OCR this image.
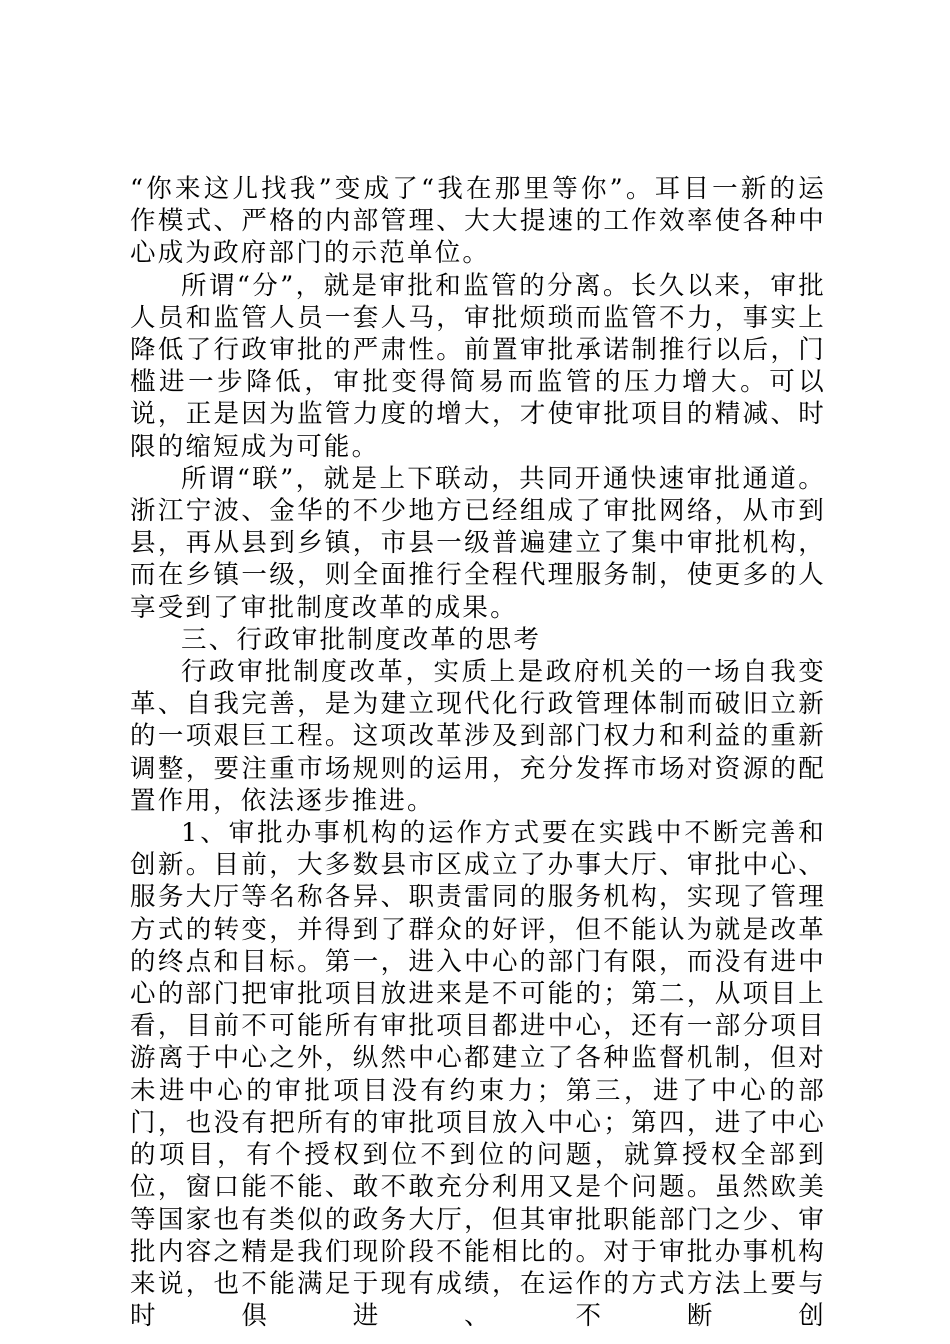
“你来这儿找我”变成了“我在那里等你”。耳目一新的运作模式、严格的内部管理、大大提速的工作效率使各种中心成为政府部门的示范单位。

所谓“分”，就是审批和监管的分离。长久以来，审批人员和监管人员一套人马，审批烦琐而监管不力，事实上降低了行政审批的严肃性。前置审批承诺制推行以后，门槛进一步降低，审批变得简易而监管的压力增大。可以说，正是因为监管力度的增大，才使审批项目的精减、时限的缩短成为可能。

所谓“联”，就是上下联动，共同开通快速审批通道。浙江宁波、金华的不少地方已经组成了审批网络，从市到县，再从县到乡镇，市县一级普遍建立了集中审批机构，而在乡镇一级，则全面推行全程代理服务制，使更多的人享受到了审批制度改革的成果。

三、行政审批制度改革的思考

行政审批制度改革，实质上是政府机关的一场自我变革、自我完善，是为建立现代化行政管理体制而破旧立新的一项艰巨工程。这项改革涉及到部门权力和利益的重新调整，要注重市场规则的运用，充分发挥市场对资源的配置作用，依法逐步推进。

1、审批办事机构的运作方式要在实践中不断完善和创新。目前，大多数县市区成立了办事大厅、审批中心、服务大厅等名称各异、职责雷同的服务机构，实现了管理方式的转变，并得到了群众的好评，但不能认为就是改革的终点和目标。第一，进入中心的部门有限，而没有进中心的部门把审批项目放进来是不可能的；第二，从项目上看，目前不可能所有审批项目都进中心，还有一部分项目游离于中心之外，纵然中心都建立了各种监督机制，但对未进中心的审批项目没有约束力；第三，进了中心的部门，也没有把所有的审批项目放入中心；第四，进了中心的项目，有个授权到位不到位的问题，就算授权全部到位，窗口能不能、敢不敢充分利用又是个问题。虽然欧美等国家也有类似的政务大厅，但其审批职能部门之少、审批内容之精是我们现阶段不能相比的。对于审批办事机构来说，也不能满足于现有成绩，在运作的方式方法上要与时俱进、不断创
